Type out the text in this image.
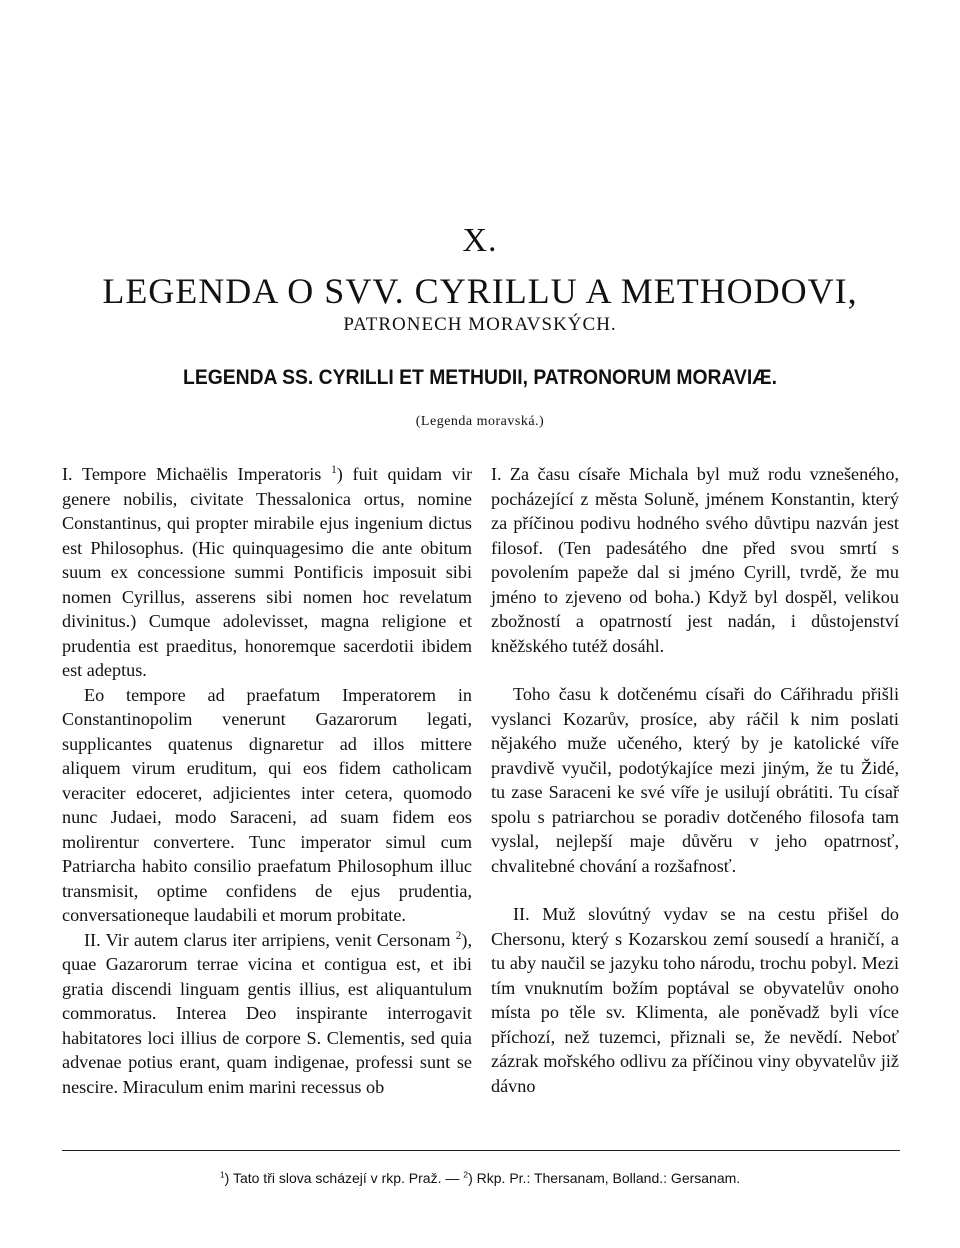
X.
LEGENDA O SVV. CYRILLU A METHODOVI,
PATRONECH MORAVSKÝCH.
LEGENDA SS. CYRILLI ET METHUDII, PATRONORUM MORAVIÆ.
(Legenda moravská.)

I. Tempore Michaëlis Imperatoris $^1$) fuit quidam vir genere nobilis, civitate Thessalonica ortus, nomine Constantinus, qui propter mirabile ejus ingenium dictus est Philosophus. (Hic quinquagesimo die ante obitum suum ex concessione summi Pontificis imposuit sibi nomen Cyrillus, asserens sibi nomen hoc revelatum divinitus.) Cumque adolevisset, magna religione et prudentia est praeditus, honoremque sacerdotii ibidem est adeptus.

Eo tempore ad praefatum Imperatorem in Constantinopolim venerunt Gazarorum legati, supplicantes quatenus dignaretur ad illos mittere aliquem virum eruditum, qui eos fidem catholicam veraciter edoceret, adjicientes inter cetera, quomodo nunc Judaei, modo Saraceni, ad suam fidem eos molirentur convertere. Tunc imperator simul cum Patriarcha habito consilio praefatum Philosophum illuc transmisit, optime confidens de ejus prudentia, conversationeque laudabili et morum probitate.

II. Vir autem clarus iter arripiens, venit Cersonam $^2$), quae Gazarorum terrae vicina et contigua est, et ibi gratia discendi linguam gentis illius, est aliquantulum commoratus. Interea Deo inspirante interrogavit habitatores loci illius de corpore S. Clementis, sed quia advenae potius erant, quam indigenae, professi sunt se nescire. Miraculum enim marini recessus ob

I. Za času císaře Michala byl muž rodu vznešeného, pocházející z města Soluně, jménem Konstantin, který za příčinou podivu hodného svého důvtipu nazván jest filosof. (Ten padesátého dne před svou smrtí s povolením papeže dal si jméno Cyrill, tvrdě, že mu jméno to zjeveno od boha.) Když byl dospěl, velikou zbožností a opatrností jest nadán, i důstojenství kněžského tutéž dosáhl.

Toho času k dotčenému císaři do Cářihradu přišli vyslanci Kozarův, prosíce, aby ráčil k nim poslati nějakého muže učeného, který by je katolické víře pravdivě vyučil, podotýkajíce mezi jiným, že tu Židé, tu zase Saraceni ke své víře je usilují obrátiti. Tu císař spolu s patriarchou se poradiv dotčeného filosofa tam vyslal, nejlepší maje důvěru v jeho opatrnosť, chvalitebné chování a rozšafnosť.

II. Muž slovútný vydav se na cestu přišel do Chersonu, který s Kozarskou zemí sousedí a hraničí, a tu aby naučil se jazyku toho národu, trochu pobyl. Mezi tím vnuknutím božím poptával se obyvatelův onoho místa po těle sv. Klimenta, ale poněvadž byli více příchozí, než tuzemci, přiznali se, že nevědí. Neboť zázrak mořského odlivu za příčinou viny obyvatelův již dávno

$^1$) Tato tři slova scházejí v rkp. Praž. — $^2$) Rkp. Pr.: Thersanam, Bolland.: Gersanam.
